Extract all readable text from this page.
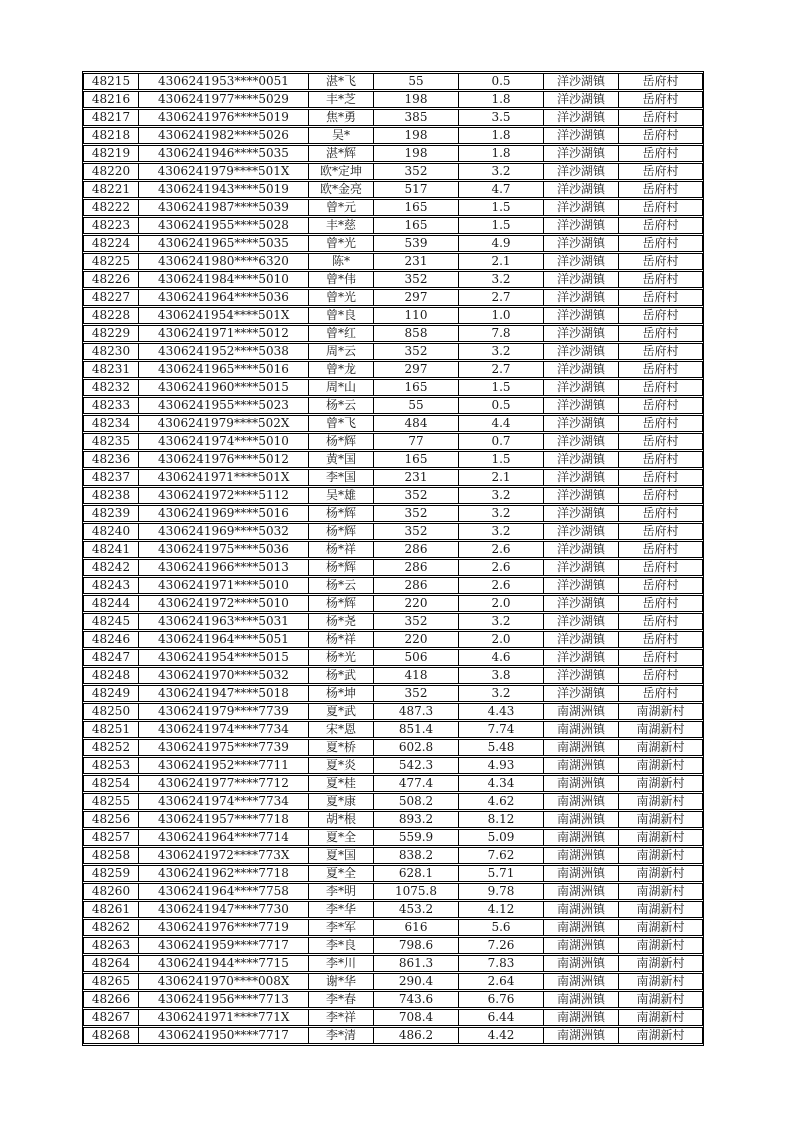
48215	4306241953****0051	湛*飞	55	0.5	洋沙湖镇	岳府村
48216	4306241977****5029	丰*芝	198	1.8	洋沙湖镇	岳府村
48217	4306241976****5019	焦*勇	385	3.5	洋沙湖镇	岳府村
48218	4306241982****5026	吴*	198	1.8	洋沙湖镇	岳府村
48219	4306241946****5035	湛*辉	198	1.8	洋沙湖镇	岳府村
48220	4306241979****501X	欧*定坤	352	3.2	洋沙湖镇	岳府村
48221	4306241943****5019	欧*金亮	517	4.7	洋沙湖镇	岳府村
48222	4306241987****5039	曾*元	165	1.5	洋沙湖镇	岳府村
48223	4306241955****5028	丰*慈	165	1.5	洋沙湖镇	岳府村
48224	4306241965****5035	曾*光	539	4.9	洋沙湖镇	岳府村
48225	4306241980****6320	陈*	231	2.1	洋沙湖镇	岳府村
48226	4306241984****5010	曾*伟	352	3.2	洋沙湖镇	岳府村
48227	4306241964****5036	曾*光	297	2.7	洋沙湖镇	岳府村
48228	4306241954****501X	曾*良	110	1.0	洋沙湖镇	岳府村
48229	4306241971****5012	曾*红	858	7.8	洋沙湖镇	岳府村
48230	4306241952****5038	周*云	352	3.2	洋沙湖镇	岳府村
48231	4306241965****5016	曾*龙	297	2.7	洋沙湖镇	岳府村
48232	4306241960****5015	周*山	165	1.5	洋沙湖镇	岳府村
48233	4306241955****5023	杨*云	55	0.5	洋沙湖镇	岳府村
48234	4306241979****502X	曾*飞	484	4.4	洋沙湖镇	岳府村
48235	4306241974****5010	杨*辉	77	0.7	洋沙湖镇	岳府村
48236	4306241976****5012	黄*国	165	1.5	洋沙湖镇	岳府村
48237	4306241971****501X	李*国	231	2.1	洋沙湖镇	岳府村
48238	4306241972****5112	吴*雄	352	3.2	洋沙湖镇	岳府村
48239	4306241969****5016	杨*辉	352	3.2	洋沙湖镇	岳府村
48240	4306241969****5032	杨*辉	352	3.2	洋沙湖镇	岳府村
48241	4306241975****5036	杨*祥	286	2.6	洋沙湖镇	岳府村
48242	4306241966****5013	杨*辉	286	2.6	洋沙湖镇	岳府村
48243	4306241971****5010	杨*云	286	2.6	洋沙湖镇	岳府村
48244	4306241972****5010	杨*辉	220	2.0	洋沙湖镇	岳府村
48245	4306241963****5031	杨*尧	352	3.2	洋沙湖镇	岳府村
48246	4306241964****5051	杨*祥	220	2.0	洋沙湖镇	岳府村
48247	4306241954****5015	杨*光	506	4.6	洋沙湖镇	岳府村
48248	4306241970****5032	杨*武	418	3.8	洋沙湖镇	岳府村
48249	4306241947****5018	杨*坤	352	3.2	洋沙湖镇	岳府村
48250	4306241979****7739	夏*武	487.3	4.43	南湖洲镇	南湖新村
48251	4306241974****7734	宋*恩	851.4	7.74	南湖洲镇	南湖新村
48252	4306241975****7739	夏*桥	602.8	5.48	南湖洲镇	南湖新村
48253	4306241952****7711	夏*炎	542.3	4.93	南湖洲镇	南湖新村
48254	4306241977****7712	夏*桂	477.4	4.34	南湖洲镇	南湖新村
48255	4306241974****7734	夏*康	508.2	4.62	南湖洲镇	南湖新村
48256	4306241957****7718	胡*根	893.2	8.12	南湖洲镇	南湖新村
48257	4306241964****7714	夏*全	559.9	5.09	南湖洲镇	南湖新村
48258	4306241972****773X	夏*国	838.2	7.62	南湖洲镇	南湖新村
48259	4306241962****7718	夏*全	628.1	5.71	南湖洲镇	南湖新村
48260	4306241964****7758	李*明	1075.8	9.78	南湖洲镇	南湖新村
48261	4306241947****7730	李*华	453.2	4.12	南湖洲镇	南湖新村
48262	4306241976****7719	李*军	616	5.6	南湖洲镇	南湖新村
48263	4306241959****7717	李*良	798.6	7.26	南湖洲镇	南湖新村
48264	4306241944****7715	李*川	861.3	7.83	南湖洲镇	南湖新村
48265	4306241970****008X	谢*华	290.4	2.64	南湖洲镇	南湖新村
48266	4306241956****7713	李*春	743.6	6.76	南湖洲镇	南湖新村
48267	4306241971****771X	李*祥	708.4	6.44	南湖洲镇	南湖新村
48268	4306241950****7717	李*清	486.2	4.42	南湖洲镇	南湖新村
